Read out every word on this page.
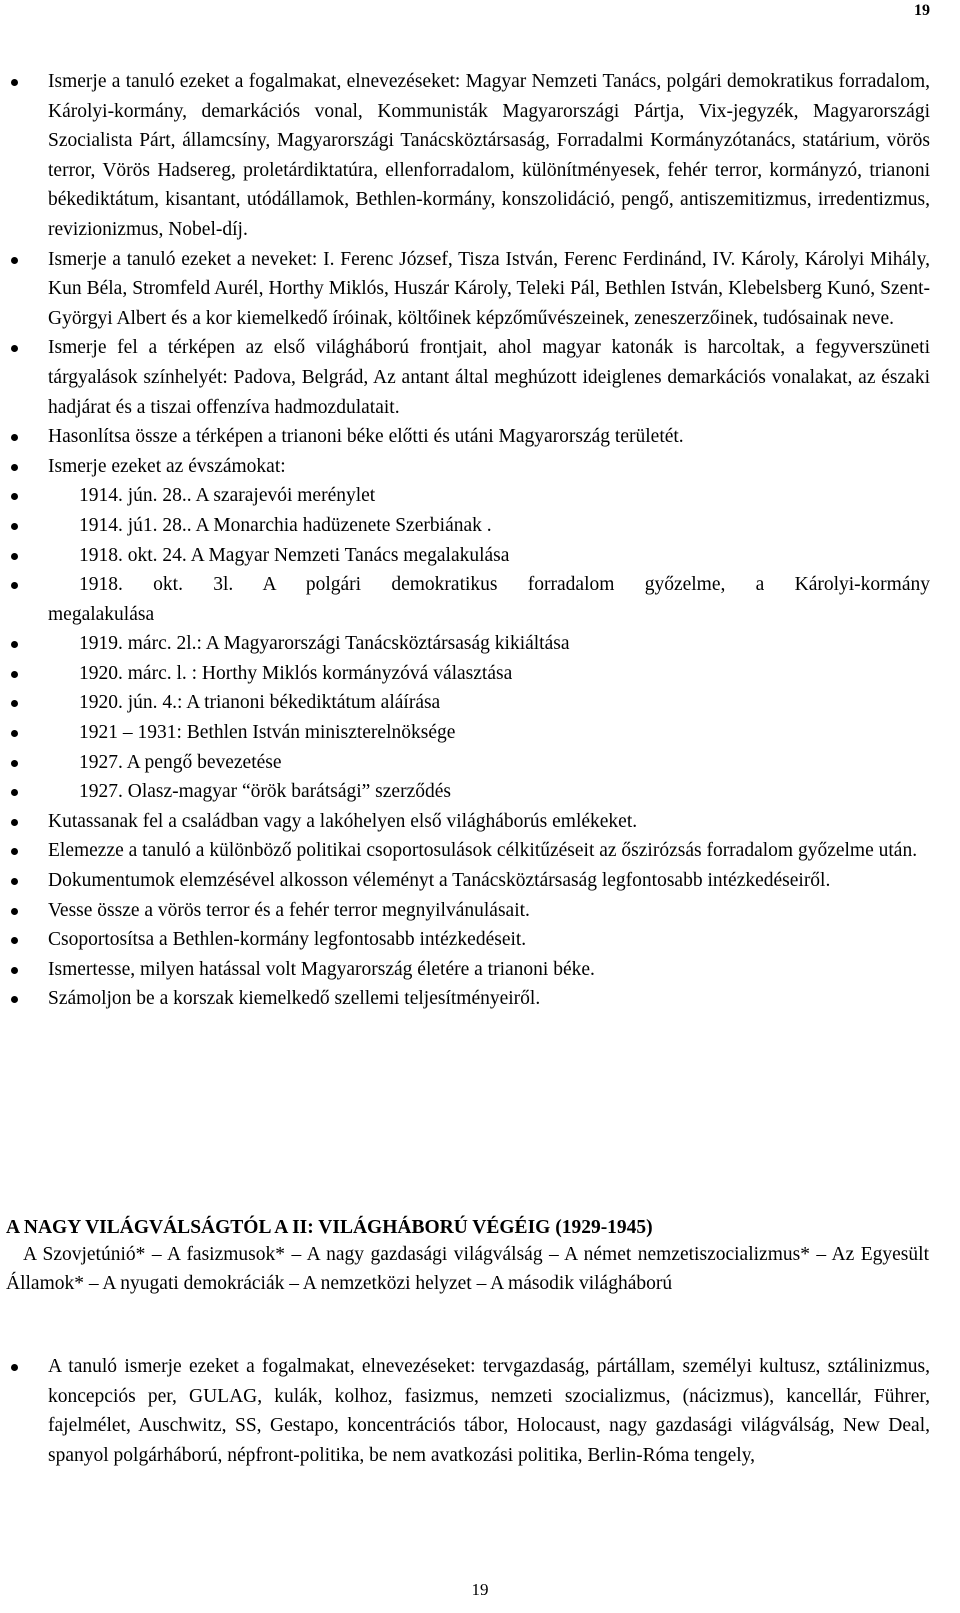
19
Ismerje a tanuló ezeket a fogalmakat, elnevezéseket: Magyar Nemzeti Tanács, polgári demokratikus forradalom, Károlyi-kormány, demarkációs vonal, Kommunisták Magyarországi Pártja, Vix-jegyzék, Magyarországi Szocialista Párt, államcsíny, Magyarországi Tanácsköztársaság, Forradalmi Kormányzótanács, statárium, vörös terror, Vörös Hadsereg, proletárdiktatúra, ellenforradalom, különítményesek, fehér terror, kormányzó, trianoni békediktátum, kisantant, utódállamok, Bethlen-kormány, konszolidáció, pengő, antiszemitizmus, irredentizmus, revizionizmus, Nobel-díj.
Ismerje a tanuló ezeket a neveket: I. Ferenc József, Tisza István, Ferenc Ferdinánd, IV. Károly, Károlyi Mihály, Kun Béla, Stromfeld Aurél, Horthy Miklós, Huszár Károly, Teleki Pál, Bethlen István, Klebelsberg Kunó, Szent-Györgyi Albert és a kor kiemelkedő íróinak, költőinek képzőművészeinek, zeneszerzőinek, tudósainak neve.
Ismerje fel a térképen az első világháború frontjait, ahol magyar katonák is harcoltak, a fegyverszüneti tárgyalások színhelyét: Padova, Belgrád, Az antant által meghúzott ideiglenes demarkációs vonalakat, az északi hadjárat és a tiszai offenzíva hadmozdulatait.
Hasonlítsa össze a térképen a trianoni béke előtti és utáni Magyarország területét.
Ismerje ezeket az évszámokat:
1914. jún. 28.. A szarajevói merénylet
1914. jú1. 28.. A Monarchia hadüzenete Szerbiának .
1918. okt. 24. A Magyar Nemzeti Tanács megalakulása
1918. okt. 3l. A polgári demokratikus forradalom győzelme, a Károlyi-kormány
megalakulása
1919. márc. 2l.: A Magyarországi Tanácsköztársaság kikiáltása
1920. márc. l. : Horthy Miklós kormányzóvá választása
1920. jún. 4.: A trianoni békediktátum aláírása
1921 – 1931: Bethlen István miniszterelnöksége
1927. A pengő bevezetése
1927. Olasz-magyar “örök barátsági” szerződés
Kutassanak fel a családban vagy a lakóhelyen első világháborús emlékeket.
Elemezze a tanuló a különböző politikai csoportosulások célkitűzéseit az őszirózsás forradalom győzelme után.
Dokumentumok elemzésével alkosson véleményt a Tanácsköztársaság legfontosabb intézkedéseiről.
Vesse össze a vörös terror és a fehér terror megnyilvánulásait.
Csoportosítsa a Bethlen-kormány legfontosabb intézkedéseit.
Ismertesse, milyen hatással volt Magyarország életére a trianoni béke.
Számoljon be a korszak kiemelkedő szellemi teljesítményeiről.
A NAGY VILÁGVÁLSÁGTÓL A II: VILÁGHÁBORÚ VÉGÉIG (1929-1945)
A Szovjetúnió* – A fasizmusok* – A nagy gazdasági világválság – A német nemzetiszocializmus* – Az Egyesült Államok* – A nyugati demokráciák – A nemzetközi helyzet – A második világháború
A tanuló ismerje ezeket a fogalmakat, elnevezéseket: tervgazdaság, pártállam, személyi kultusz, sztálinizmus, koncepciós per, GULAG, kulák, kolhoz, fasizmus, nemzeti szocializmus, (nácizmus), kancellár, Führer, fajelmélet, Auschwitz, SS, Gestapo, koncentrációs tábor, Holocaust, nagy gazdasági világválság, New Deal, spanyol polgárháború, népfront-politika, be nem avatkozási politika, Berlin-Róma tengely,
19
